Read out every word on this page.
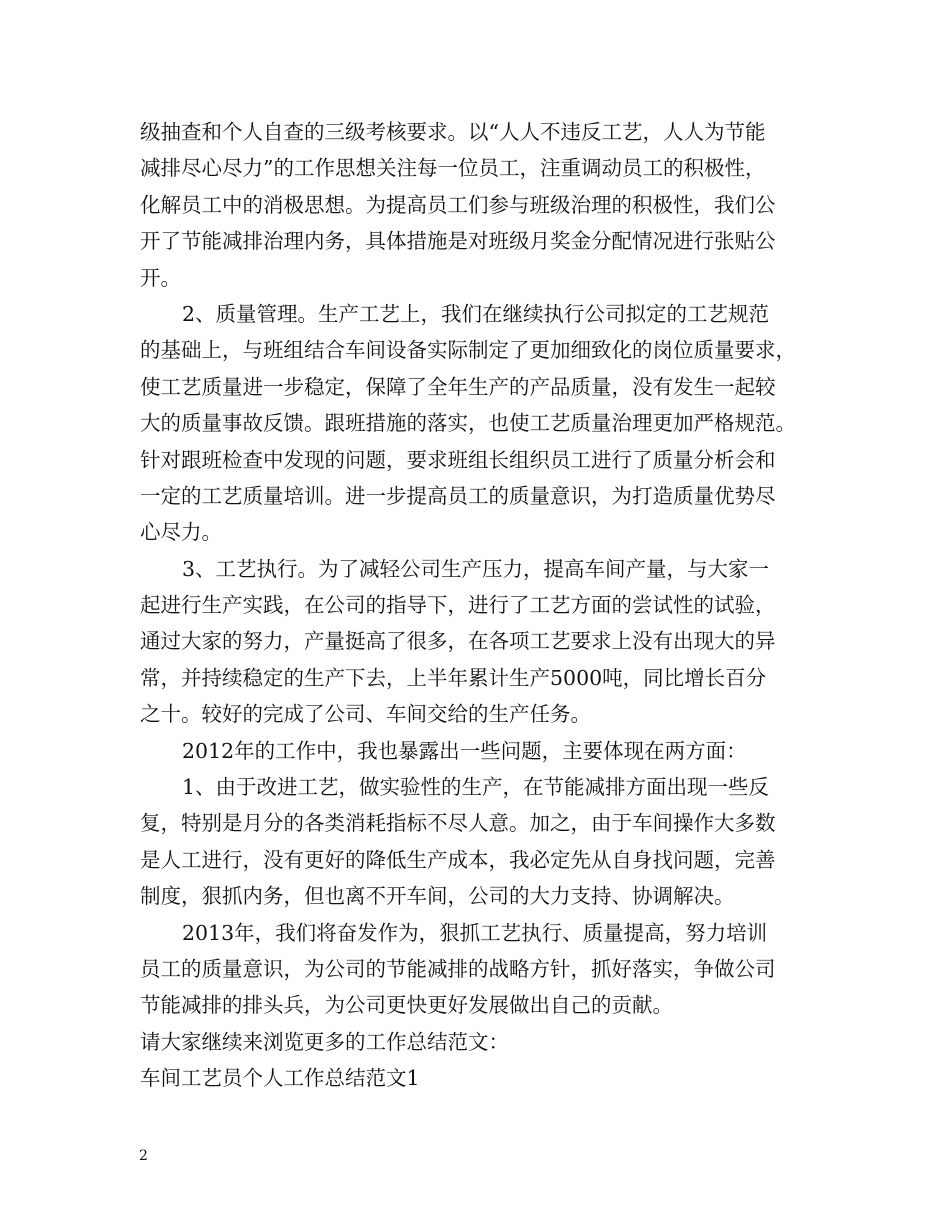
级抽查和个人自查的三级考核要求。以“人人不违反工艺，人人为节能
减排尽心尽力”的工作思想关注每一位员工，注重调动员工的积极性，
化解员工中的消极思想。为提高员工们参与班级治理的积极性，我们公
开了节能减排治理内务，具体措施是对班级月奖金分配情况进行张贴公
开。
2、质量管理。生产工艺上，我们在继续执行公司拟定的工艺规范
的基础上，与班组结合车间设备实际制定了更加细致化的岗位质量要求，
使工艺质量进一步稳定，保障了全年生产的产品质量，没有发生一起较
大的质量事故反馈。跟班措施的落实，也使工艺质量治理更加严格规范。
针对跟班检查中发现的问题，要求班组长组织员工进行了质量分析会和
一定的工艺质量培训。进一步提高员工的质量意识，为打造质量优势尽
心尽力。
3、工艺执行。为了减轻公司生产压力，提高车间产量，与大家一
起进行生产实践，在公司的指导下，进行了工艺方面的尝试性的试验，
通过大家的努力，产量挺高了很多，在各项工艺要求上没有出现大的异
常，并持续稳定的生产下去，上半年累计生产5000吨，同比增长百分
之十。较好的完成了公司、车间交给的生产任务。
2012年的工作中，我也暴露出一些问题，主要体现在两方面：
1、由于改进工艺，做实验性的生产，在节能减排方面出现一些反
复，特别是月分的各类消耗指标不尽人意。加之，由于车间操作大多数
是人工进行，没有更好的降低生产成本，我必定先从自身找问题，完善
制度，狠抓内务，但也离不开车间，公司的大力支持、协调解决。
2013年，我们将奋发作为，狠抓工艺执行、质量提高，努力培训
员工的质量意识，为公司的节能减排的战略方针，抓好落实，争做公司
节能减排的排头兵，为公司更快更好发展做出自己的贡献。
请大家继续来浏览更多的工作总结范文：
车间工艺员个人工作总结范文1
2
